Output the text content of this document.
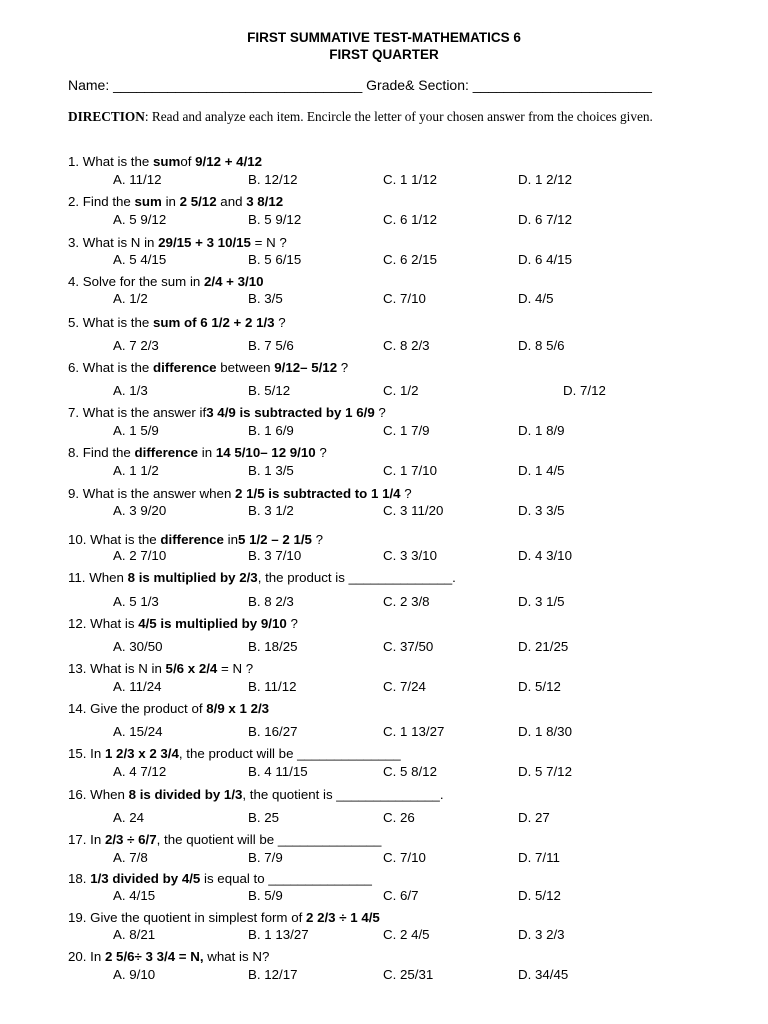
FIRST SUMMATIVE TEST-MATHEMATICS 6
FIRST QUARTER
Name: ________________________________ Grade& Section: _______________________
DIRECTION: Read and analyze each item. Encircle the letter of your chosen answer from the choices given.
1. What is the sumof 9/12 + 4/12
A. 11/12	B. 12/12	C. 1 1/12	D. 1 2/12
2. Find the sum in 2 5/12 and 3 8/12
A. 5 9/12	B. 5 9/12	C. 6 1/12	D. 6 7/12
3. What is N in 29/15 + 3 10/15 = N ?
A. 5 4/15	B. 5 6/15	C. 6 2/15	D. 6 4/15
4. Solve for the sum in 2/4 + 3/10
A. 1/2	B. 3/5	C. 7/10	D. 4/5
5. What is the sum of 6 1/2 + 2 1/3 ?
A. 7 2/3	B. 7 5/6	C. 8 2/3	D. 8 5/6
6. What is the difference between 9/12– 5/12 ?
A. 1/3	B. 5/12	C. 1/2	D. 7/12
7. What is the answer if3 4/9 is subtracted by 1 6/9 ?
A. 1 5/9	B. 1 6/9	C. 1 7/9	D. 1 8/9
8. Find the difference in 14 5/10– 12 9/10 ?
A. 1 1/2	B. 1 3/5	C. 1 7/10	D. 1 4/5
9. What is the answer when 2 1/5 is subtracted to 1 1/4 ?
A. 3 9/20	B. 3 1/2	C. 3 11/20	D. 3 3/5
10. What is the difference in5 1/2 – 2 1/5 ?
A. 2 7/10	B. 3 7/10	C. 3 3/10	D. 4 3/10
11. When 8 is multiplied by 2/3, the product is ______________.
A. 5 1/3	B. 8 2/3	C. 2 3/8	D. 3 1/5
12. What is 4/5 is multiplied by 9/10 ?
A. 30/50	B. 18/25	C. 37/50	D. 21/25
13. What is N in 5/6 x 2/4 = N ?
A. 11/24	B. 11/12	C. 7/24	D. 5/12
14. Give the product of 8/9 x 1 2/3
A. 15/24	B. 16/27	C. 1 13/27	D. 1 8/30
15. In 1 2/3 x 2 3/4, the product will be ______________
A. 4 7/12	B. 4 11/15	C. 5 8/12	D. 5 7/12
16. When 8 is divided by 1/3, the quotient is ______________.
A. 24	B. 25	C. 26	D. 27
17. In 2/3 ÷ 6/7, the quotient will be ______________
A. 7/8	B. 7/9	C. 7/10	D. 7/11
18. 1/3 divided by 4/5 is equal to ______________
A. 4/15	B. 5/9	C. 6/7	D. 5/12
19. Give the quotient in simplest form of 2 2/3 ÷ 1 4/5
A. 8/21	B. 1 13/27	C. 2 4/5	D. 3 2/3
20. In 2 5/6÷ 3 3/4 = N, what is N?
A. 9/10	B. 12/17	C. 25/31	D. 34/45
